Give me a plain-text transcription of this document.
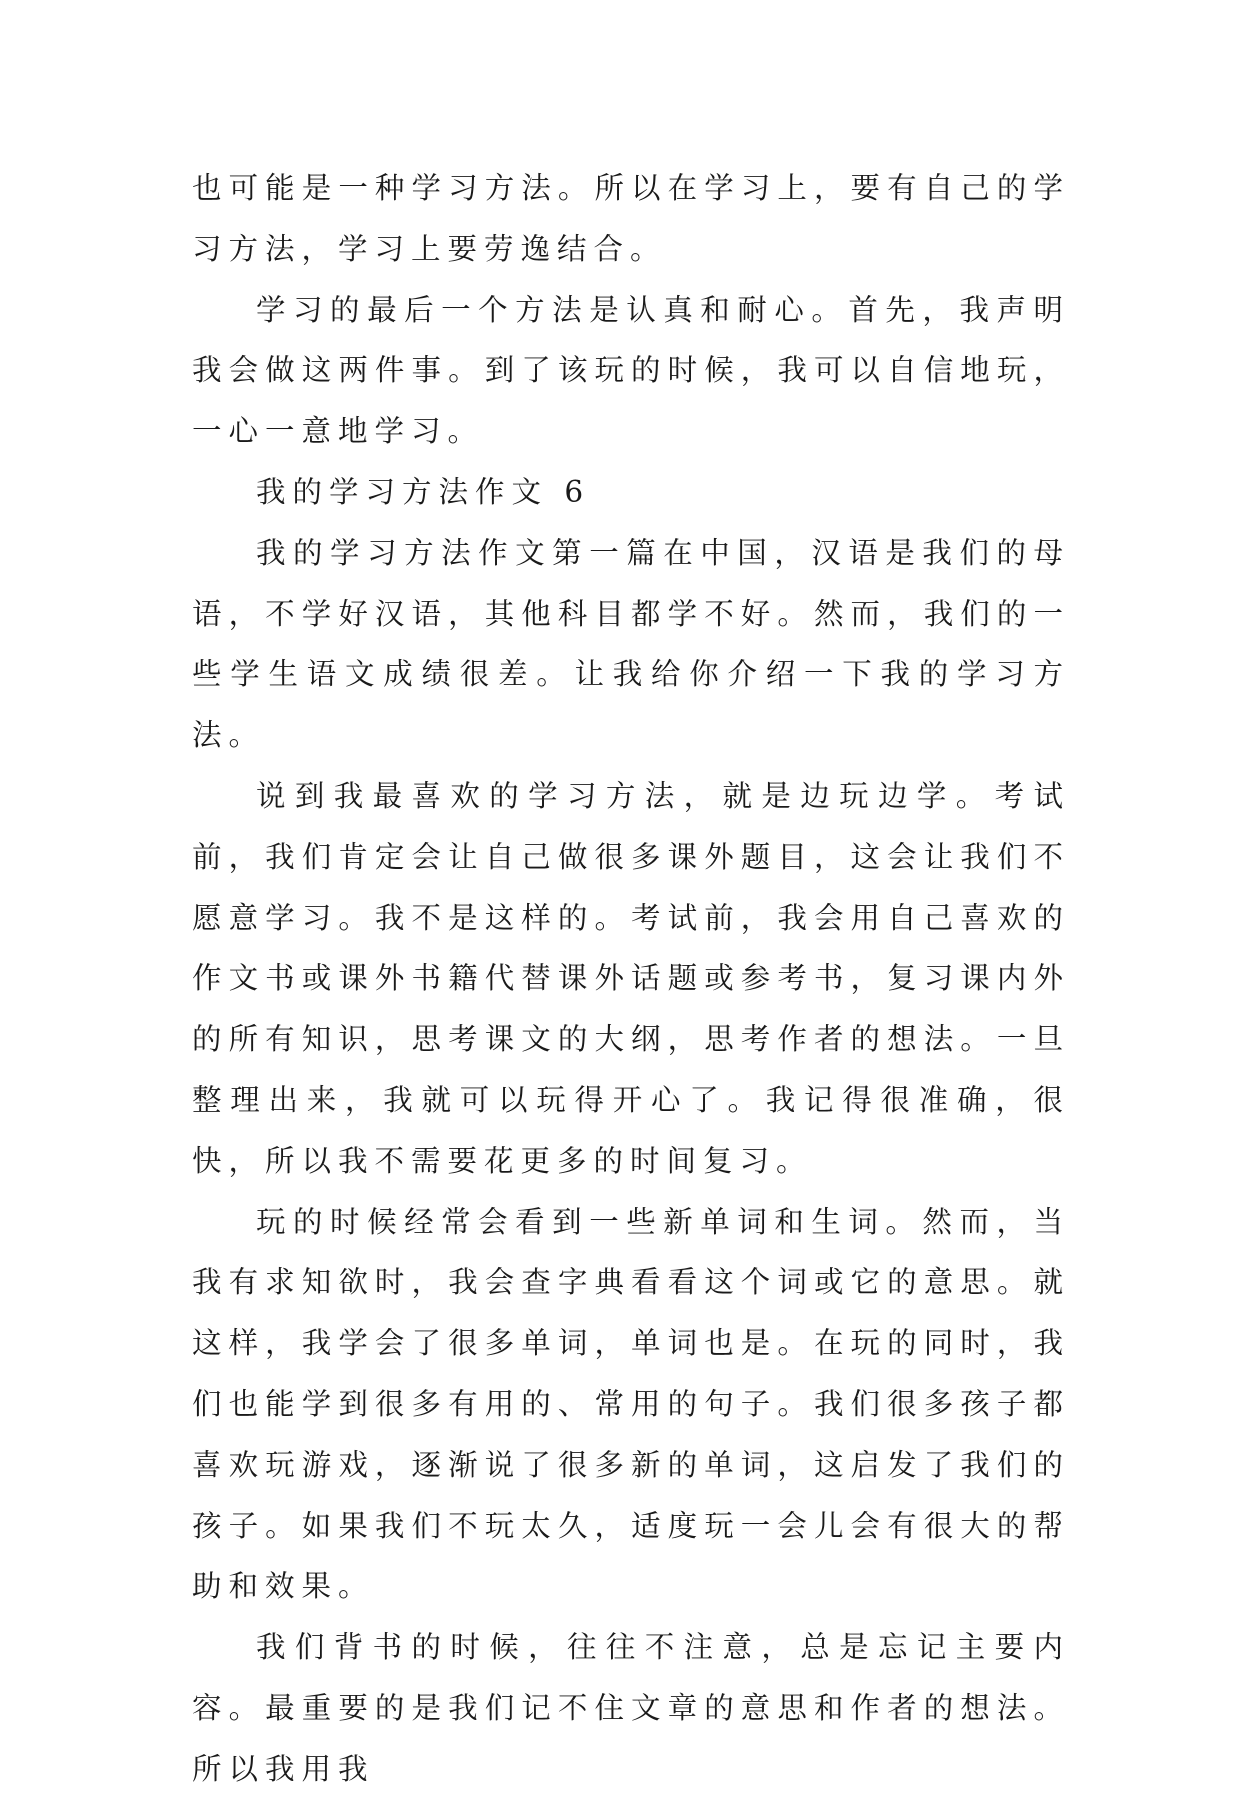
也可能是一种学习方法。所以在学习上，要有自己的学习方法，学习上要劳逸结合。

学习的最后一个方法是认真和耐心。首先，我声明我会做这两件事。到了该玩的时候，我可以自信地玩，一心一意地学习。

我的学习方法作文 6

我的学习方法作文第一篇在中国，汉语是我们的母语，不学好汉语，其他科目都学不好。然而，我们的一些学生语文成绩很差。让我给你介绍一下我的学习方法。

说到我最喜欢的学习方法，就是边玩边学。考试前，我们肯定会让自己做很多课外题目，这会让我们不愿意学习。我不是这样的。考试前，我会用自己喜欢的作文书或课外书籍代替课外话题或参考书，复习课内外的所有知识，思考课文的大纲，思考作者的想法。一旦整理出来，我就可以玩得开心了。我记得很准确，很快，所以我不需要花更多的时间复习。

玩的时候经常会看到一些新单词和生词。然而，当我有求知欲时，我会查字典看看这个词或它的意思。就这样，我学会了很多单词，单词也是。在玩的同时，我们也能学到很多有用的、常用的句子。我们很多孩子都喜欢玩游戏，逐渐说了很多新的单词，这启发了我们的孩子。如果我们不玩太久，适度玩一会儿会有很大的帮助和效果。

我们背书的时候，往往不注意，总是忘记主要内容。最重要的是我们记不住文章的意思和作者的想法。所以我用我
